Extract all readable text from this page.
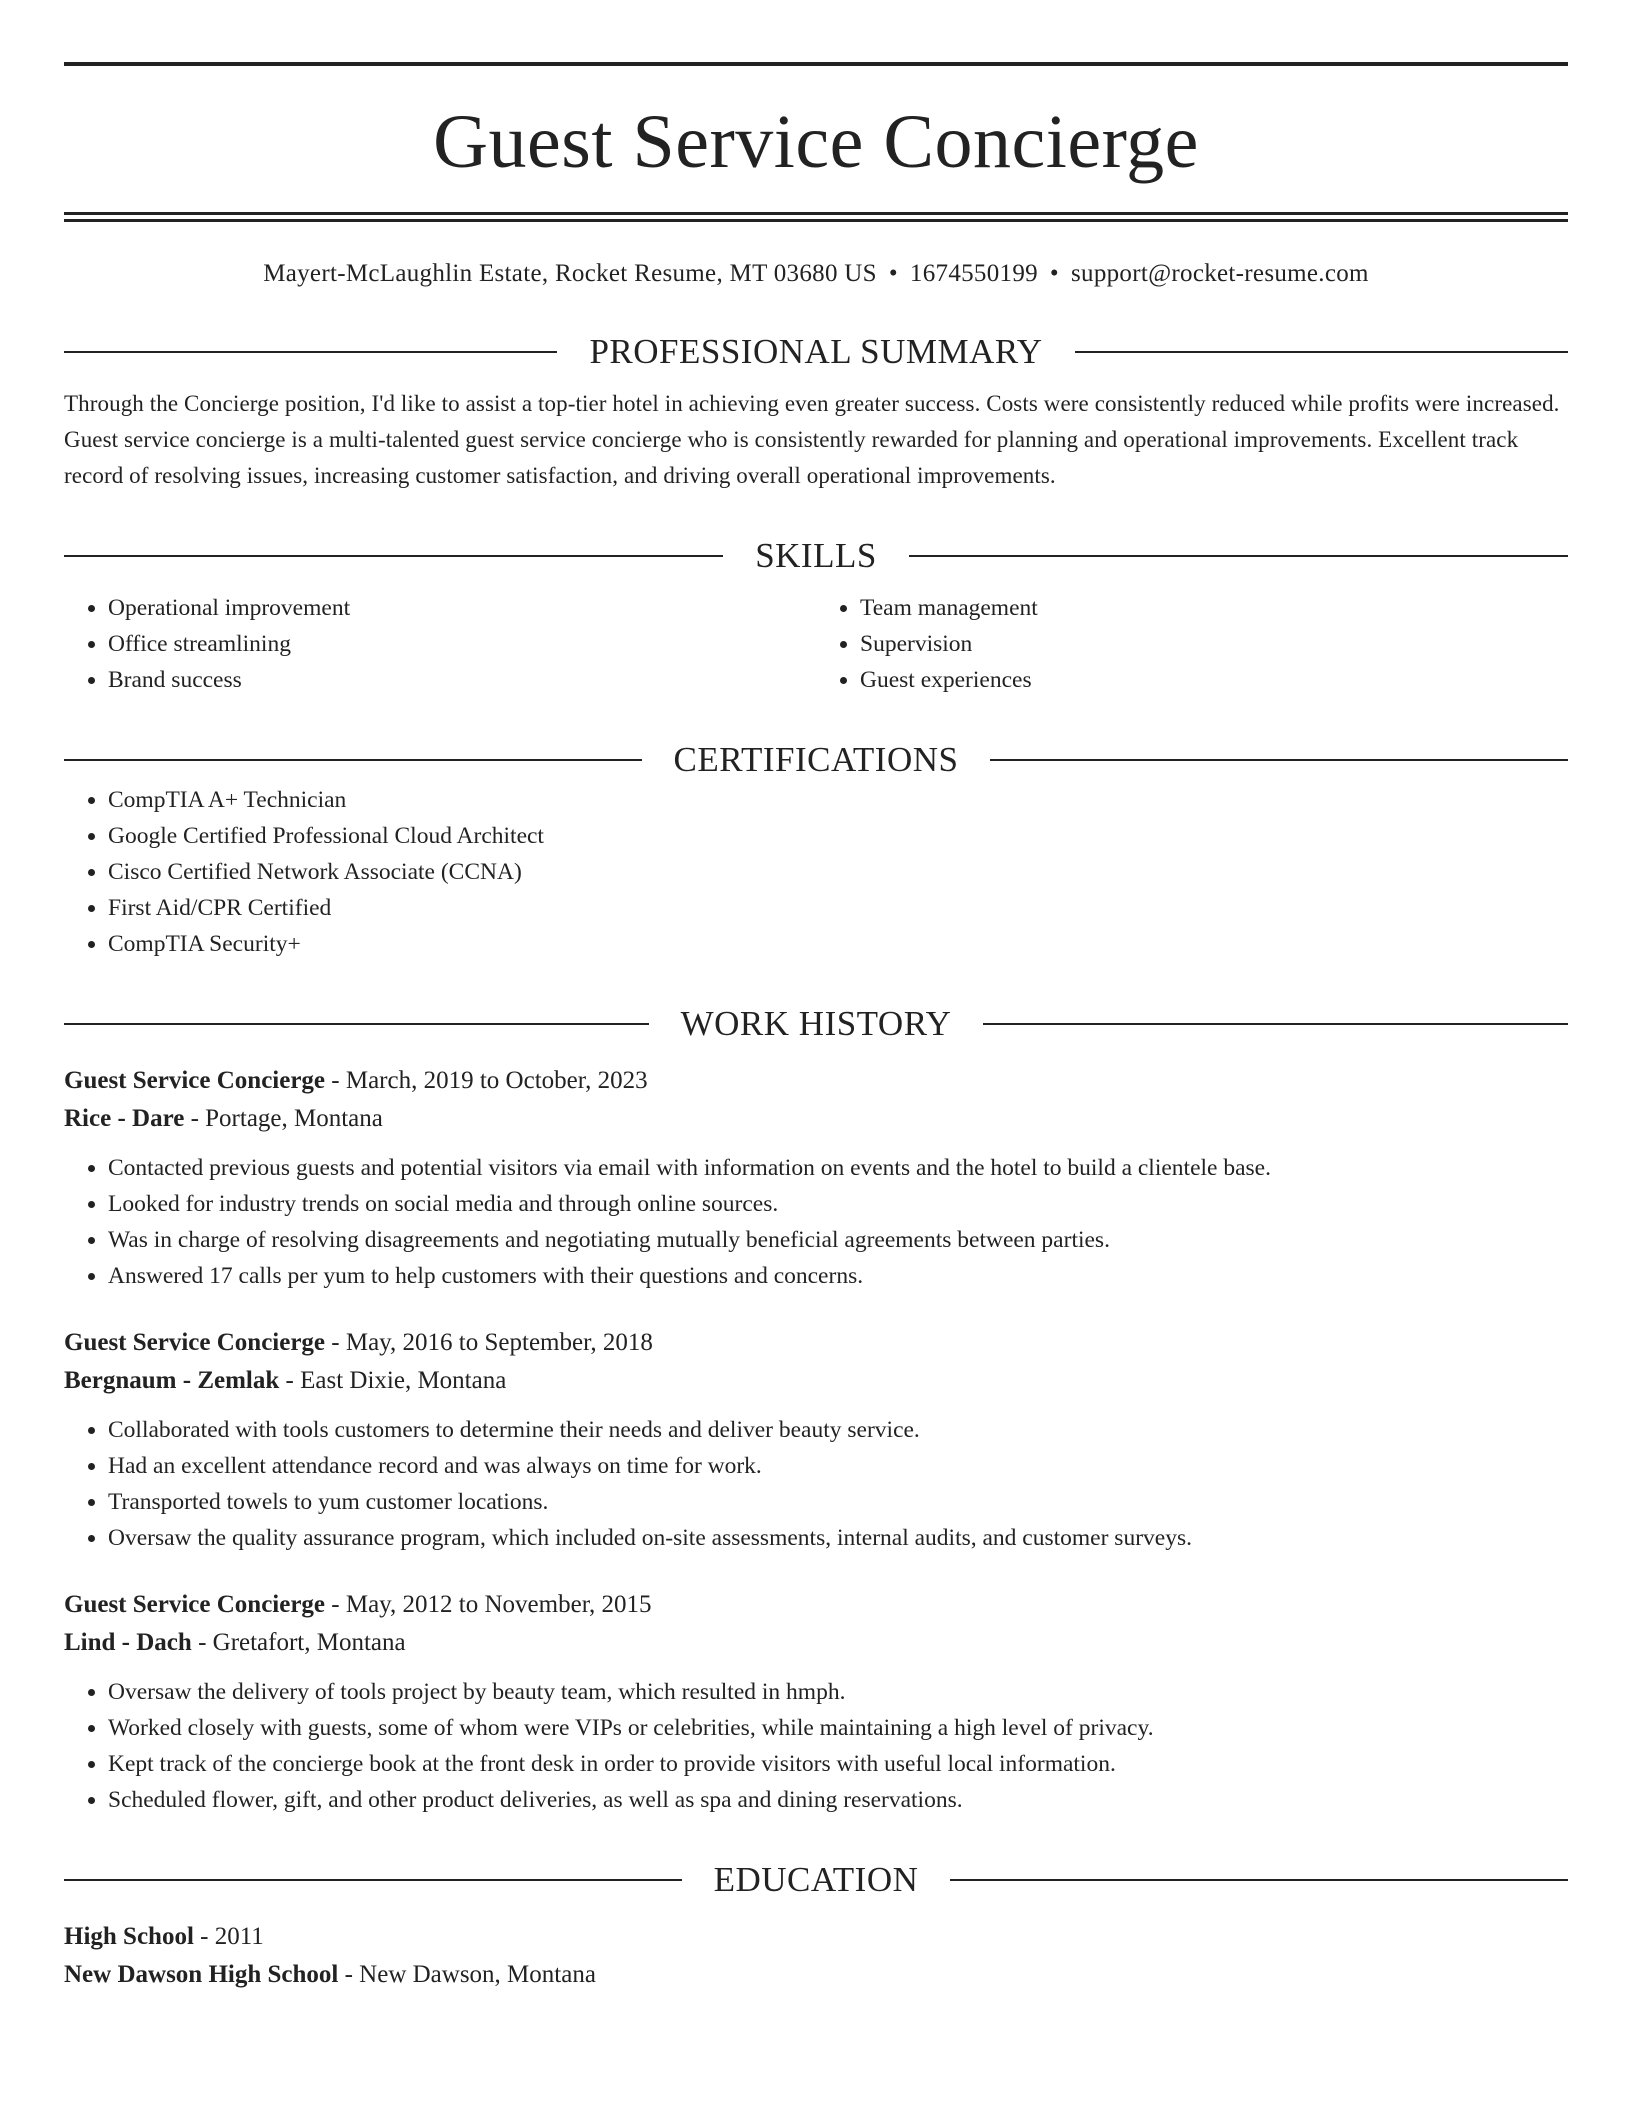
Guest Service Concierge
Mayert-McLaughlin Estate, Rocket Resume, MT 03680 US • 1674550199 • support@rocket-resume.com
PROFESSIONAL SUMMARY
Through the Concierge position, I'd like to assist a top-tier hotel in achieving even greater success. Costs were consistently reduced while profits were increased. Guest service concierge is a multi-talented guest service concierge who is consistently rewarded for planning and operational improvements. Excellent track record of resolving issues, increasing customer satisfaction, and driving overall operational improvements.
SKILLS
• Operational improvement
• Office streamlining
• Brand success
• Team management
• Supervision
• Guest experiences
CERTIFICATIONS
• CompTIA A+ Technician
• Google Certified Professional Cloud Architect
• Cisco Certified Network Associate (CCNA)
• First Aid/CPR Certified
• CompTIA Security+
WORK HISTORY
Guest Service Concierge - March, 2019 to October, 2023
Rice - Dare - Portage, Montana
• Contacted previous guests and potential visitors via email with information on events and the hotel to build a clientele base.
• Looked for industry trends on social media and through online sources.
• Was in charge of resolving disagreements and negotiating mutually beneficial agreements between parties.
• Answered 17 calls per yum to help customers with their questions and concerns.
Guest Service Concierge - May, 2016 to September, 2018
Bergnaum - Zemlak - East Dixie, Montana
• Collaborated with tools customers to determine their needs and deliver beauty service.
• Had an excellent attendance record and was always on time for work.
• Transported towels to yum customer locations.
• Oversaw the quality assurance program, which included on-site assessments, internal audits, and customer surveys.
Guest Service Concierge - May, 2012 to November, 2015
Lind - Dach - Gretafort, Montana
• Oversaw the delivery of tools project by beauty team, which resulted in hmph.
• Worked closely with guests, some of whom were VIPs or celebrities, while maintaining a high level of privacy.
• Kept track of the concierge book at the front desk in order to provide visitors with useful local information.
• Scheduled flower, gift, and other product deliveries, as well as spa and dining reservations.
EDUCATION
High School - 2011
New Dawson High School - New Dawson, Montana
